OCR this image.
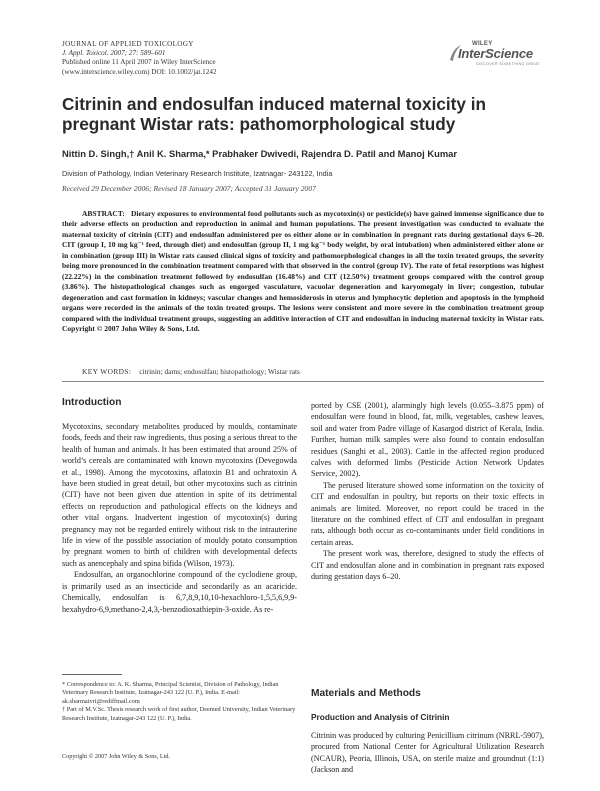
JOURNAL OF APPLIED TOXICOLOGY
J. Appl. Toxicol. 2007; 27: 589–601
Published online 11 April 2007 in Wiley InterScience
(www.interscience.wiley.com) DOI: 10.1002/jat.1242
WILEY
InterScience
DISCOVER SOMETHING GREAT
Citrinin and endosulfan induced maternal toxicity in pregnant Wistar rats: pathomorphological study
Nittin D. Singh,† Anil K. Sharma,* Prabhaker Dwivedi, Rajendra D. Patil and Manoj Kumar
Division of Pathology, Indian Veterinary Research Institute, Izatnagar- 243122, India
Received 29 December 2006; Revised 18 January 2007; Accepted 31 January 2007
ABSTRACT: Dietary exposures to environmental food pollutants such as mycotoxin(s) or pesticide(s) have gained immense significance due to their adverse effects on production and reproduction in animal and human populations. The present investigation was conducted to evaluate the maternal toxicity of citrinin (CIT) and endosulfan administered per os either alone or in combination in pregnant rats during gestational days 6–20. CIT (group I, 10 mg kg⁻¹ feed, through diet) and endosulfan (group II, 1 mg kg⁻¹ body weight, by oral intubation) when administered either alone or in combination (group III) in Wistar rats caused clinical signs of toxicity and pathomorphological changes in all the toxin treated groups, the severity being more pronounced in the combination treatment compared with that observed in the control (group IV). The rate of fetal resorptions was highest (22.22%) in the combination treatment followed by endosulfan (16.48%) and CIT (12.50%) treatment groups compared with the control group (3.86%). The histopathological changes such as engorged vasculature, vacuolar degeneration and karyomegaly in liver; congestion, tubular degeneration and cast formation in kidneys; vascular changes and hemosiderosis in uterus and lymphocytic depletion and apoptosis in the lymphoid organs were recorded in the animals of the toxin treated groups. The lesions were consistent and more severe in the combination treatment group compared with the individual treatment groups, suggesting an additive interaction of CIT and endosulfan in inducing maternal toxicity in Wistar rats. Copyright © 2007 John Wiley & Sons, Ltd.
KEY WORDS: citrinin; dams; endosulfan; histopathology; Wistar rats
Introduction

Mycotoxins, secondary metabolites produced by moulds, contaminate foods, feeds and their raw ingredients, thus posing a serious threat to the health of human and animals. It has been estimated that around 25% of world’s cereals are contaminated with known mycotoxins (Devegowda et al., 1998). Among the mycotoxins, aflatoxin B1 and ochratoxin A have been studied in great detail, but other mycotoxins such as citrinin (CIT) have not been given due attention in spite of its detrimental effects on reproduction and pathological effects on the kidneys and other vital organs. Inadvertent ingestion of mycotoxin(s) during pregnancy may not be regarded entirely without risk to the intrauterine life in view of the possible association of mouldy potato consumption by pregnant women to birth of children with developmental defects such as anencephaly and spina bifida (Wilson, 1973).

Endosulfan, an organochlorine compound of the cyclodiene group, is primarily used as an insecticide and secondarily as an acaricide. Chemically, endosulfan is 6,7,8,9,10,10-hexachloro-1,5,5,6,9,9-hexahydro-6,9,methano-2,4,3,-benzodioxathiepin-3-oxide. As re-

* Correspondence to: A. K. Sharma, Principal Scientist, Division of Pathology, Indian Veterinary Research Institute, Izatnagar-243 122 (U. P.), India. E-mail: ak.sharmaivri@rediffmail.com

† Part of M.V.Sc. Thesis research work of first author, Deemed University, Indian Veterinary Research Institute, Izatnagar-243 122 (U. P.), India.

Copyright © 2007 John Wiley & Sons, Ltd.

ported by CSE (2001), alarmingly high levels (0.055–3.875 ppm) of endosulfan were found in blood, fat, milk, vegetables, cashew leaves, soil and water from Padre village of Kasargod district of Kerala, India. Further, human milk samples were also found to contain endosulfan residues (Sanghi et al., 2003). Cattle in the affected region produced calves with deformed limbs (Pesticide Action Network Updates Service, 2002).

The perused literature showed some information on the toxicity of CIT and endosulfan in poultry, but reports on their toxic effects in animals are limited. Moreover, no report could be traced in the literature on the combined effect of CIT and endosulfan in pregnant rats, although both occur as co-contaminants under field conditions in certain areas.

The present work was, therefore, designed to study the effects of CIT and endosulfan alone and in combination in pregnant rats exposed during gestation days 6–20.

Materials and Methods
Production and Analysis of Citrinin

Citrinin was produced by culturing Penicillium citrinum (NRRL-5907), procured from National Center for Agricultural Utilization Research (NCAUR), Peoria, Illinois, USA, on sterile maize and groundnut (1:1) (Jackson and
